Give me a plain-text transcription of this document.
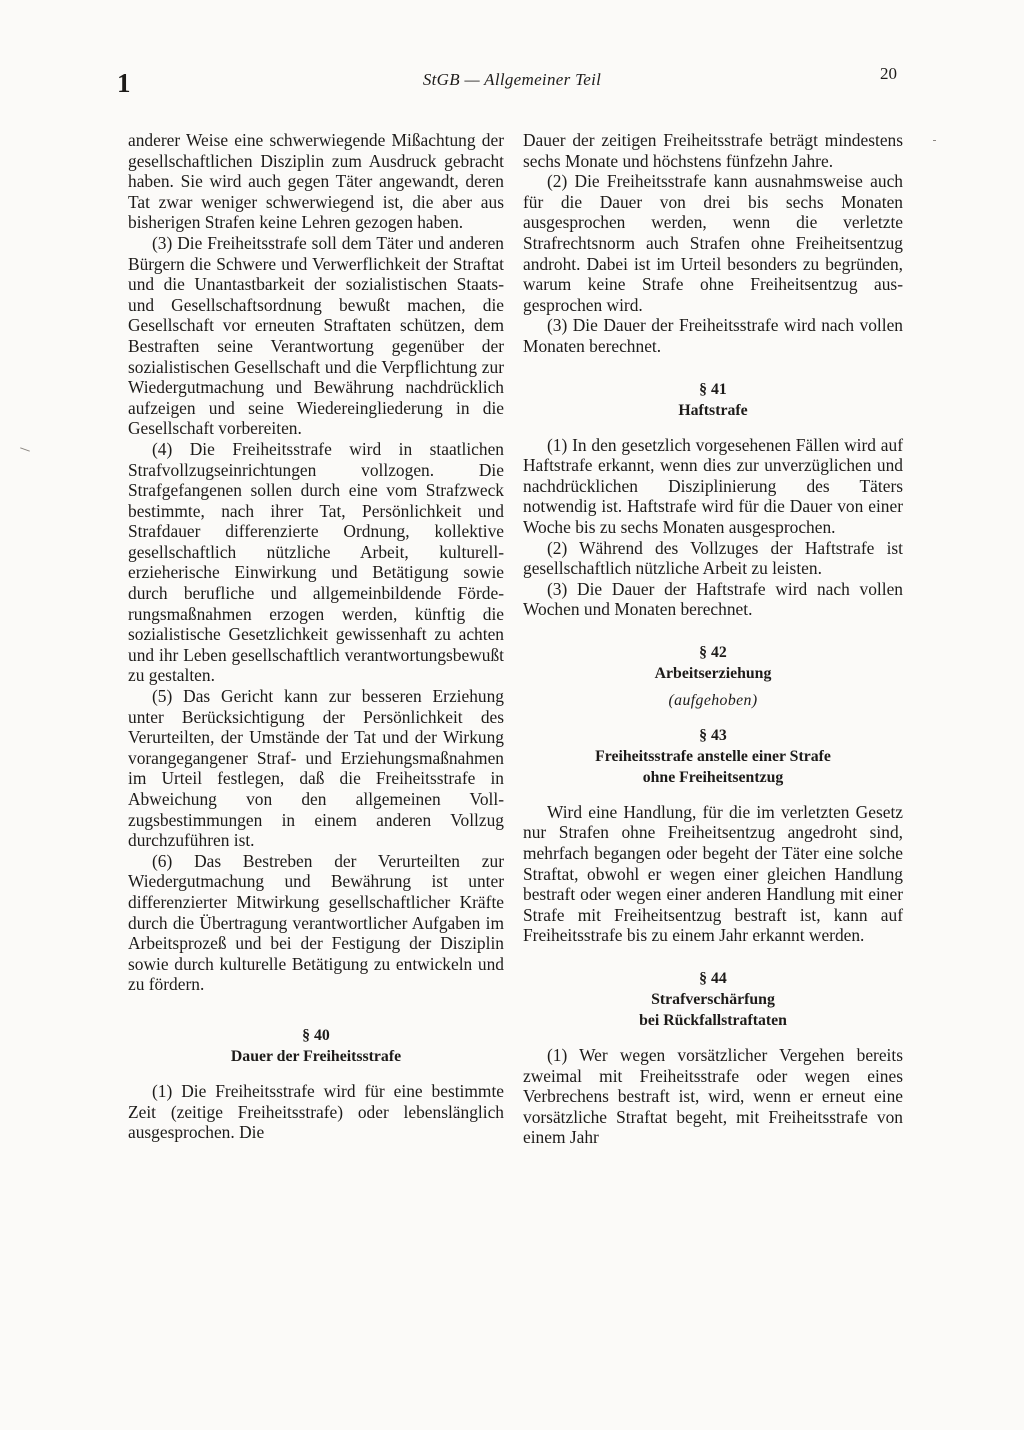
1	StGB — Allgemeiner Teil	20

anderer Weise eine schwerwiegende Mißachtung der gesellschaftlichen Disziplin zum Ausdruck gebracht haben. Sie wird auch gegen Täter angewandt, deren Tat zwar weniger schwerwiegend ist, die aber aus bisherigen Strafen keine Lehren gezogen haben.

(3) Die Freiheitsstrafe soll dem Täter und anderen Bürgern die Schwere und Verwerflichkeit der Straftat und die Unantastbarkeit der sozialistischen Staats- und Gesellschaftsordnung bewußt machen, die Gesellschaft vor erneuten Straftaten schützen, dem Bestraften seine Verantwortung gegenüber der sozialistischen Gesellschaft und die Verpflichtung zur Wiedergutmachung und Bewährung nachdrücklich aufzeigen und seine Wiedereingliederung in die Gesellschaft vorbereiten.

(4) Die Freiheitsstrafe wird in staatlichen Strafvollzugseinrichtungen vollzogen. Die Strafgefangenen sollen durch eine vom Strafzweck bestimmte, nach ihrer Tat, Persönlichkeit und Strafdauer differenzierte Ordnung, kollektive gesellschaftlich nützliche Arbeit, kulturell-erzieherische Einwirkung und Betätigung sowie durch berufliche und allgemeinbildende Förderungsmaßnahmen erzogen werden, künftig die sozialistische Gesetzlichkeit gewissenhaft zu achten und ihr Leben gesellschaftlich verantwortungsbewußt zu gestalten.

(5) Das Gericht kann zur besseren Erziehung unter Berücksichtigung der Persönlichkeit des Verurteilten, der Umstände der Tat und der Wirkung vorangegangener Straf- und Erziehungsmaßnahmen im Urteil festlegen, daß die Freiheitsstrafe in Abweichung von den allgemeinen Vollzugsbestimmungen in einem anderen Vollzug durchzuführen ist.

(6) Das Bestreben der Verurteilten zur Wiedergutmachung und Bewährung ist unter differenzierter Mitwirkung gesellschaftlicher Kräfte durch die Übertragung verantwortlicher Aufgaben im Arbeitsprozeß und bei der Festigung der Disziplin sowie durch kulturelle Betätigung zu entwickeln und zu fördern.

§ 40

Dauer der Freiheitsstrafe

(1) Die Freiheitsstrafe wird für eine bestimmte Zeit (zeitige Freiheitsstrafe) oder lebenslänglich ausgesprochen. Die

Dauer der zeitigen Freiheitsstrafe beträgt mindestens sechs Monate und höchstens fünfzehn Jahre.

(2) Die Freiheitsstrafe kann ausnahmsweise auch für die Dauer von drei bis sechs Monaten ausgesprochen werden, wenn die verletzte Strafrechtsnorm auch Strafen ohne Freiheitsentzug androht. Dabei ist im Urteil besonders zu begründen, warum keine Strafe ohne Freiheitsentzug ausgesprochen wird.

(3) Die Dauer der Freiheitsstrafe wird nach vollen Monaten berechnet.

§ 41

Haftstrafe

(1) In den gesetzlich vorgesehenen Fällen wird auf Haftstrafe erkannt, wenn dies zur unverzüglichen und nachdrücklichen Disziplinierung des Täters notwendig ist. Haftstrafe wird für die Dauer von einer Woche bis zu sechs Monaten ausgesprochen.

(2) Während des Vollzuges der Haftstrafe ist gesellschaftlich nützliche Arbeit zu leisten.

(3) Die Dauer der Haftstrafe wird nach vollen Wochen und Monaten berechnet.

§ 42

Arbeitserziehung

(aufgehoben)

§ 43

Freiheitsstrafe anstelle einer Strafe

ohne Freiheitsentzug

Wird eine Handlung, für die im verletzten Gesetz nur Strafen ohne Freiheitsentzug angedroht sind, mehrfach begangen oder begeht der Täter eine solche Straftat, obwohl er wegen einer gleichen Handlung bestraft oder wegen einer anderen Handlung mit einer Strafe mit Freiheitsentzug bestraft ist, kann auf Freiheitsstrafe bis zu einem Jahr erkannt werden.

§ 44

Strafverschärfung

bei Rückfallstraftaten

(1) Wer wegen vorsätzlicher Vergehen bereits zweimal mit Freiheitsstrafe oder wegen eines Verbrechens bestraft ist, wird, wenn er erneut eine vorsätzliche Straftat begeht, mit Freiheitsstrafe von einem Jahr
